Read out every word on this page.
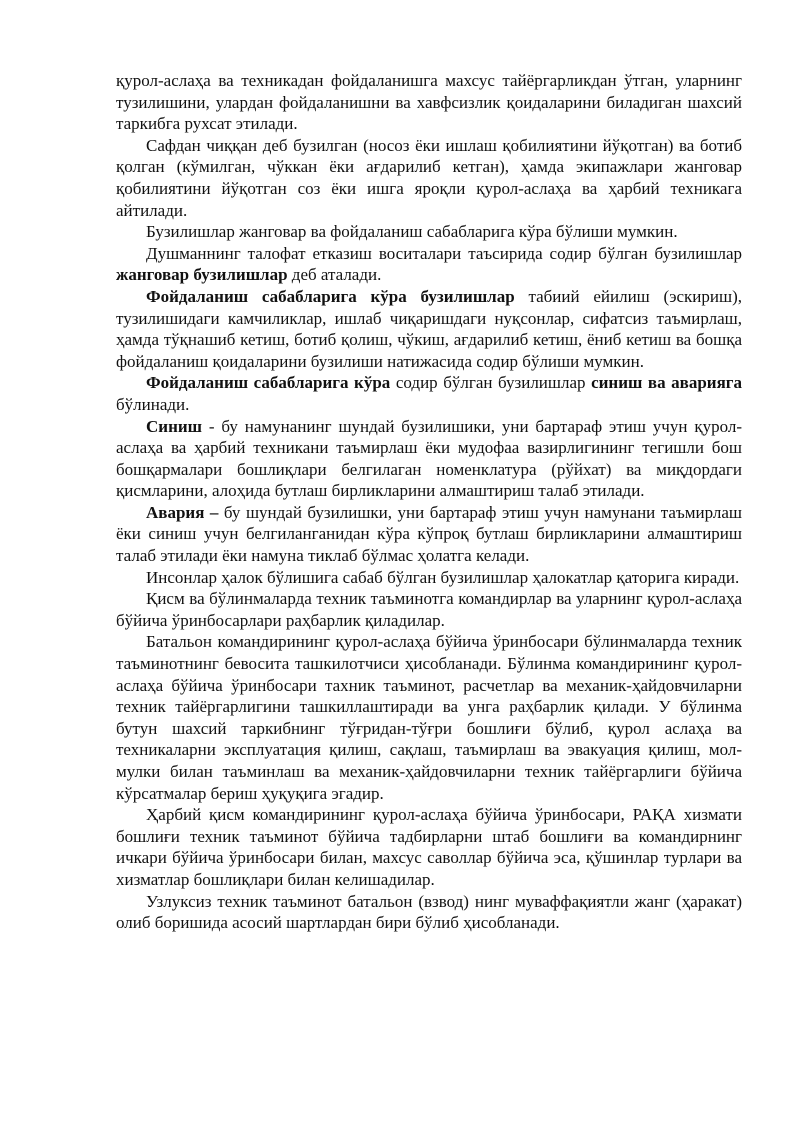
қурол-аслаҳа ва техникадан фойдаланишга махсус тайёргарликдан ўтган, уларнинг тузилишини, улардан фойдаланишни ва хавфсизлик қоидаларини биладиган шахсий таркибга рухсат этилади.

Сафдан чиққан деб бузилган (носоз ёки ишлаш қобилиятини йўқотган) ва ботиб қолган (кўмилган, чўккан ёки ағдарилиб кетган), ҳамда экипажлари жанговар қобилиятини йўқотган соз ёки ишга яроқли қурол-аслаҳа ва ҳарбий техникага айтилади.

Бузилишлар жанговар ва фойдаланиш сабабларига кўра бўлиши мумкин.

Душманнинг талофат етказиш воситалари таъсирида содир бўлган бузилишлар жанговар бузилишлар деб аталади.

Фойдаланиш сабабларига кўра бузилишлар табиий ейилиш (эскириш), тузилишидаги камчиликлар, ишлаб чиқаришдаги нуқсонлар, сифатсиз таъмирлаш, ҳамда тўқнашиб кетиш, ботиб қолиш, чўкиш, ағдарилиб кетиш, ёниб кетиш ва бошқа фойдаланиш қоидаларини бузилиши натижасида содир бўлиши мумкин.

Фойдаланиш сабабларига кўра содир бўлган бузилишлар синиш ва аварияга бўлинади.

Синиш - бу намунанинг шундай бузилишики, уни бартараф этиш учун қурол-аслаҳа ва ҳарбий техникани таъмирлаш ёки мудофаа вазирлигининг тегишли бош бошқармалари бошлиқлари белгилаган номенклатура (рўйхат) ва миқдордаги қисмларини, алоҳида бутлаш бирликларини алмаштириш талаб этилади.

Авария – бу шундай бузилишки, уни бартараф этиш учун намунани таъмирлаш ёки синиш учун белгиланганидан кўра кўпроқ бутлаш бирликларини алмаштириш талаб этилади ёки намуна тиклаб бўлмас ҳолатга келади.

Инсонлар ҳалок бўлишига сабаб бўлган бузилишлар ҳалокатлар қаторига киради.

Қисм ва бўлинмаларда техник таъминотга командирлар ва уларнинг қурол-аслаҳа бўйича ўринбосарлари раҳбарлик қиладилар.

Батальон командирининг қурол-аслаҳа бўйича ўринбосари бўлинмаларда техник таъминотнинг бевосита ташкилотчиси ҳисобланади. Бўлинма командирининг қурол-аслаҳа бўйича ўринбосари тахник таъминот, расчетлар ва механик-ҳайдовчиларни техник тайёргарлигини ташкиллаштиради ва унга раҳбарлик қилади. У бўлинма бутун шахсий таркибнинг тўғридан-тўғри бошлиғи бўлиб, қурол аслаҳа ва техникаларни эксплуатация қилиш, сақлаш, таъмирлаш ва эвакуация қилиш, мол-мулки билан таъминлаш ва механик-ҳайдовчиларни техник тайёргарлиги бўйича кўрсатмалар бериш ҳуқуқига эгадир.

Ҳарбий қисм командирининг қурол-аслаҳа бўйича ўринбосари, РАҚА хизмати бошлиғи техник таъминот бўйича тадбирларни штаб бошлиғи ва командирнинг ичкари бўйича ўринбосари билан, махсус саволлар бўйича эса, қўшинлар турлари ва хизматлар бошлиқлари билан келишадилар.

Узлуксиз техник таъминот батальон (взвод) нинг муваффақиятли жанг (ҳаракат) олиб боришида асосий шартлардан бири бўлиб ҳисобланади.
